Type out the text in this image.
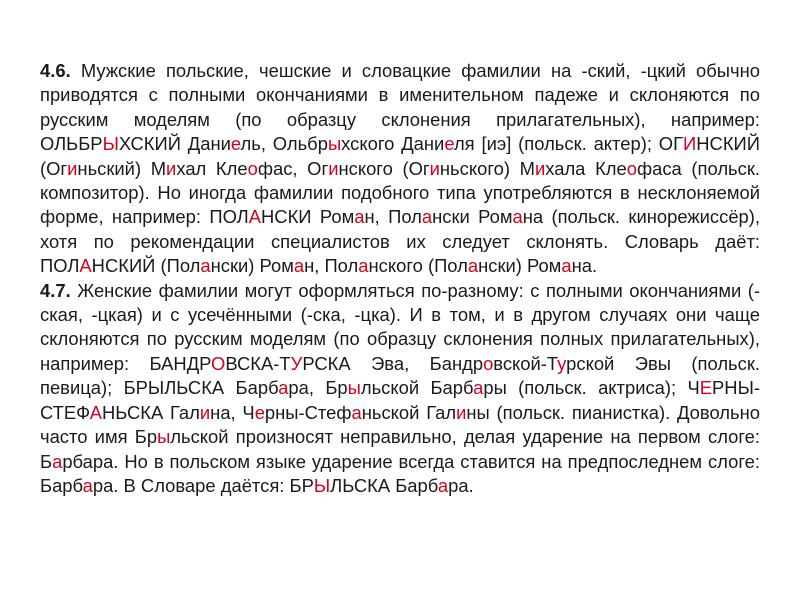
4.6. Мужские польские, чешские и словацкие фамилии на -ский, -цкий обычно приводятся с полными окончаниями в именительном падеже и склоняются по русским моделям (по образцу склонения прилагательных), например: ОЛЬБРЫХСКИЙ Даниель, Ольбрыхского Даниеля [иэ] (польск. актер); ОГИНСКИЙ (Огиньский) Михал Клеофас, Огинского (Огиньского) Михала Клеофаса (польск. композитор). Но иногда фамилии подобного типа употребляются в несклоняемой форме, например: ПОЛАНСКИ Роман, Полански Романа (польск. кинорежиссёр), хотя по рекомендации специалистов их следует склонять. Словарь даёт: ПОЛАНСКИЙ (Полански) Роман, Поланского (Полански) Романа.

4.7. Женские фамилии могут оформляться по-разному: с полными окончаниями (-ская, -цкая) и с усечёнными (-ска, -цка). И в том, и в другом случаях они чаще склоняются по русским моделям (по образцу склонения полных прилагательных), например: БАНДРОВСКА-ТУРСКА Эва, Бандровской-Турской Эвы (польск. певица); БРЫЛЬСКА Барбара, Брыльской Барбары (польск. актриса); ЧЕРНЫ-СТЕФАНЬСКА Галина, Черны-Стефаньской Галины (польск. пианистка). Довольно часто имя Брыльской произносят неправильно, делая ударение на первом слоге: Барбара. Но в польском языке ударение всегда ставится на предпоследнем слоге: Барбара. В Словаре даётся: БРЫЛЬСКА Барбара.
